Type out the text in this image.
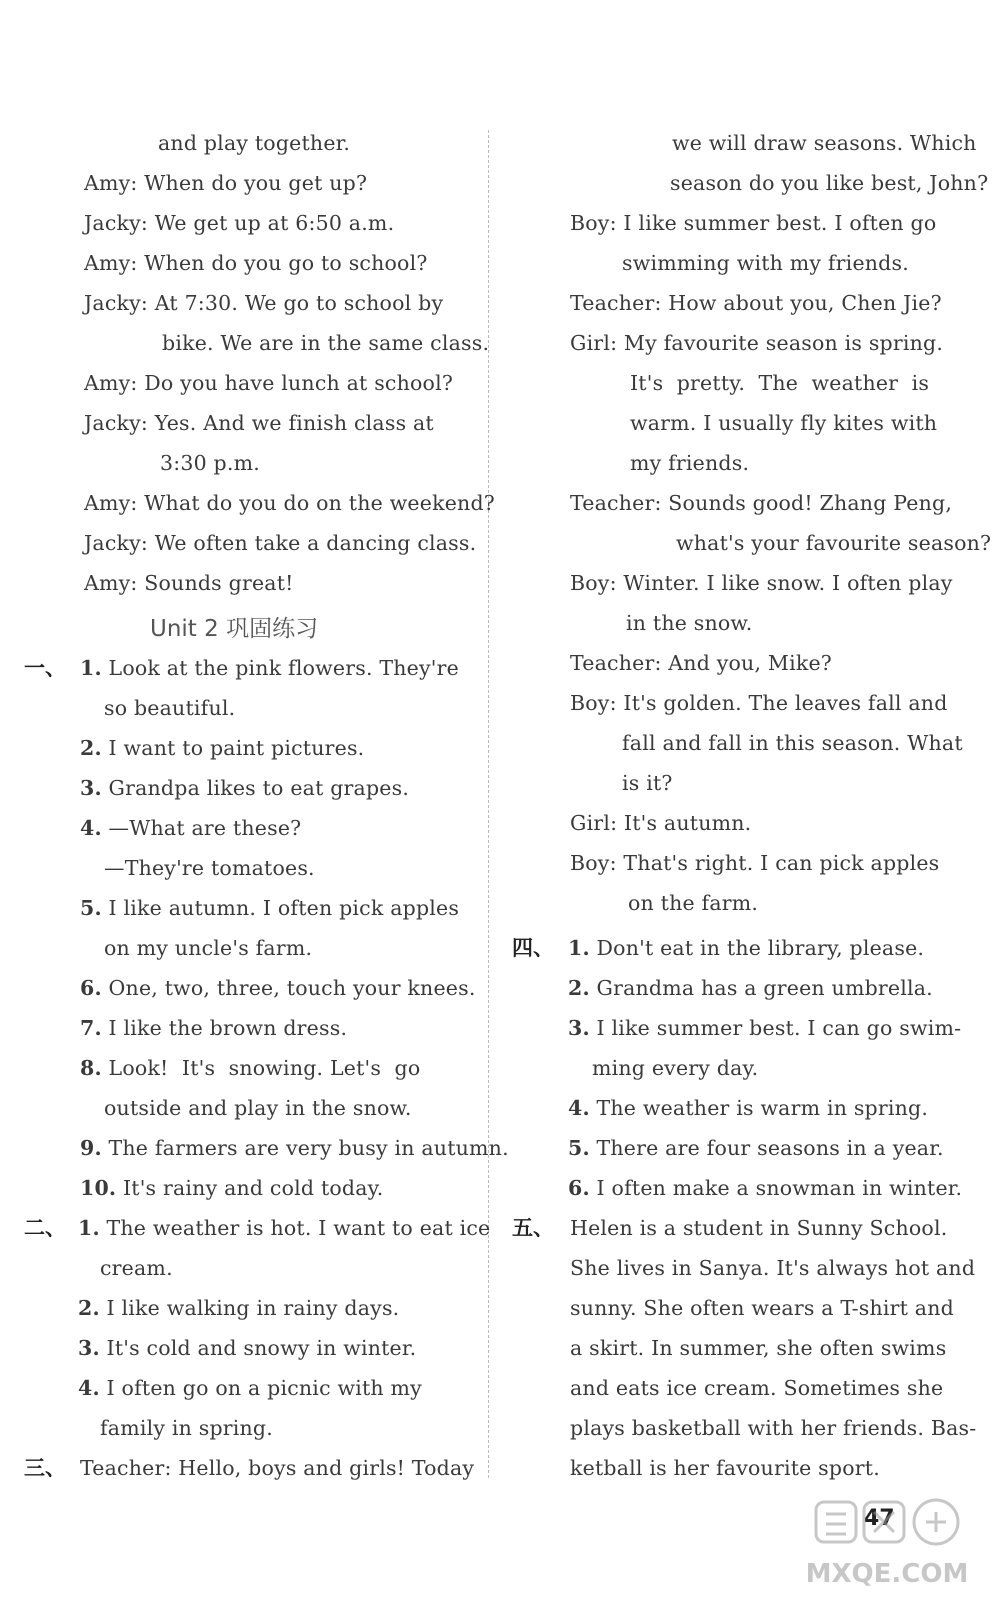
and play together.
Amy: When do you get up?
Jacky: We get up at 6:50 a.m.
Amy: When do you go to school?
Jacky: At 7:30. We go to school by
bike. We are in the same class.
Amy: Do you have lunch at school?
Jacky: Yes. And we finish class at
3:30 p.m.
Amy: What do you do on the weekend?
Jacky: We often take a dancing class.
Amy: Sounds great!
Unit 2 巩固练习
一、 1. Look at the pink flowers. They're
so beautiful.
2. I want to paint pictures.
3. Grandpa likes to eat grapes.
4. —What are these?
—They're tomatoes.
5. I like autumn. I often pick apples
on my uncle's farm.
6. One, two, three, touch your knees.
7. I like the brown dress.
8. Look!  It's  snowing. Let's  go
outside and play in the snow.
9. The farmers are very busy in autumn.
10. It's rainy and cold today.
二、 1. The weather is hot. I want to eat ice
cream.
2. I like walking in rainy days.
3. It's cold and snowy in winter.
4. I often go on a picnic with my
family in spring.
三、 Teacher: Hello, boys and girls! Today
we will draw seasons. Which
season do you like best, John?
Boy: I like summer best. I often go
swimming with my friends.
Teacher: How about you, Chen Jie?
Girl: My favourite season is spring.
It's  pretty.  The  weather  is
warm. I usually fly kites with
my friends.
Teacher: Sounds good! Zhang Peng,
what's your favourite season?
Boy: Winter. I like snow. I often play
in the snow.
Teacher: And you, Mike?
Boy: It's golden. The leaves fall and
fall and fall in this season. What
is it?
Girl: It's autumn.
Boy: That's right. I can pick apples
on the farm.
四、 1. Don't eat in the library, please.
2. Grandma has a green umbrella.
3. I like summer best. I can go swim-
ming every day.
4. The weather is warm in spring.
5. There are four seasons in a year.
6. I often make a snowman in winter.
五、 Helen is a student in Sunny School.
She lives in Sanya. It's always hot and
sunny. She often wears a T-shirt and
a skirt. In summer, she often swims
and eats ice cream. Sometimes she
plays basketball with her friends. Bas-
ketball is her favourite sport.
47
MXQE.COM
